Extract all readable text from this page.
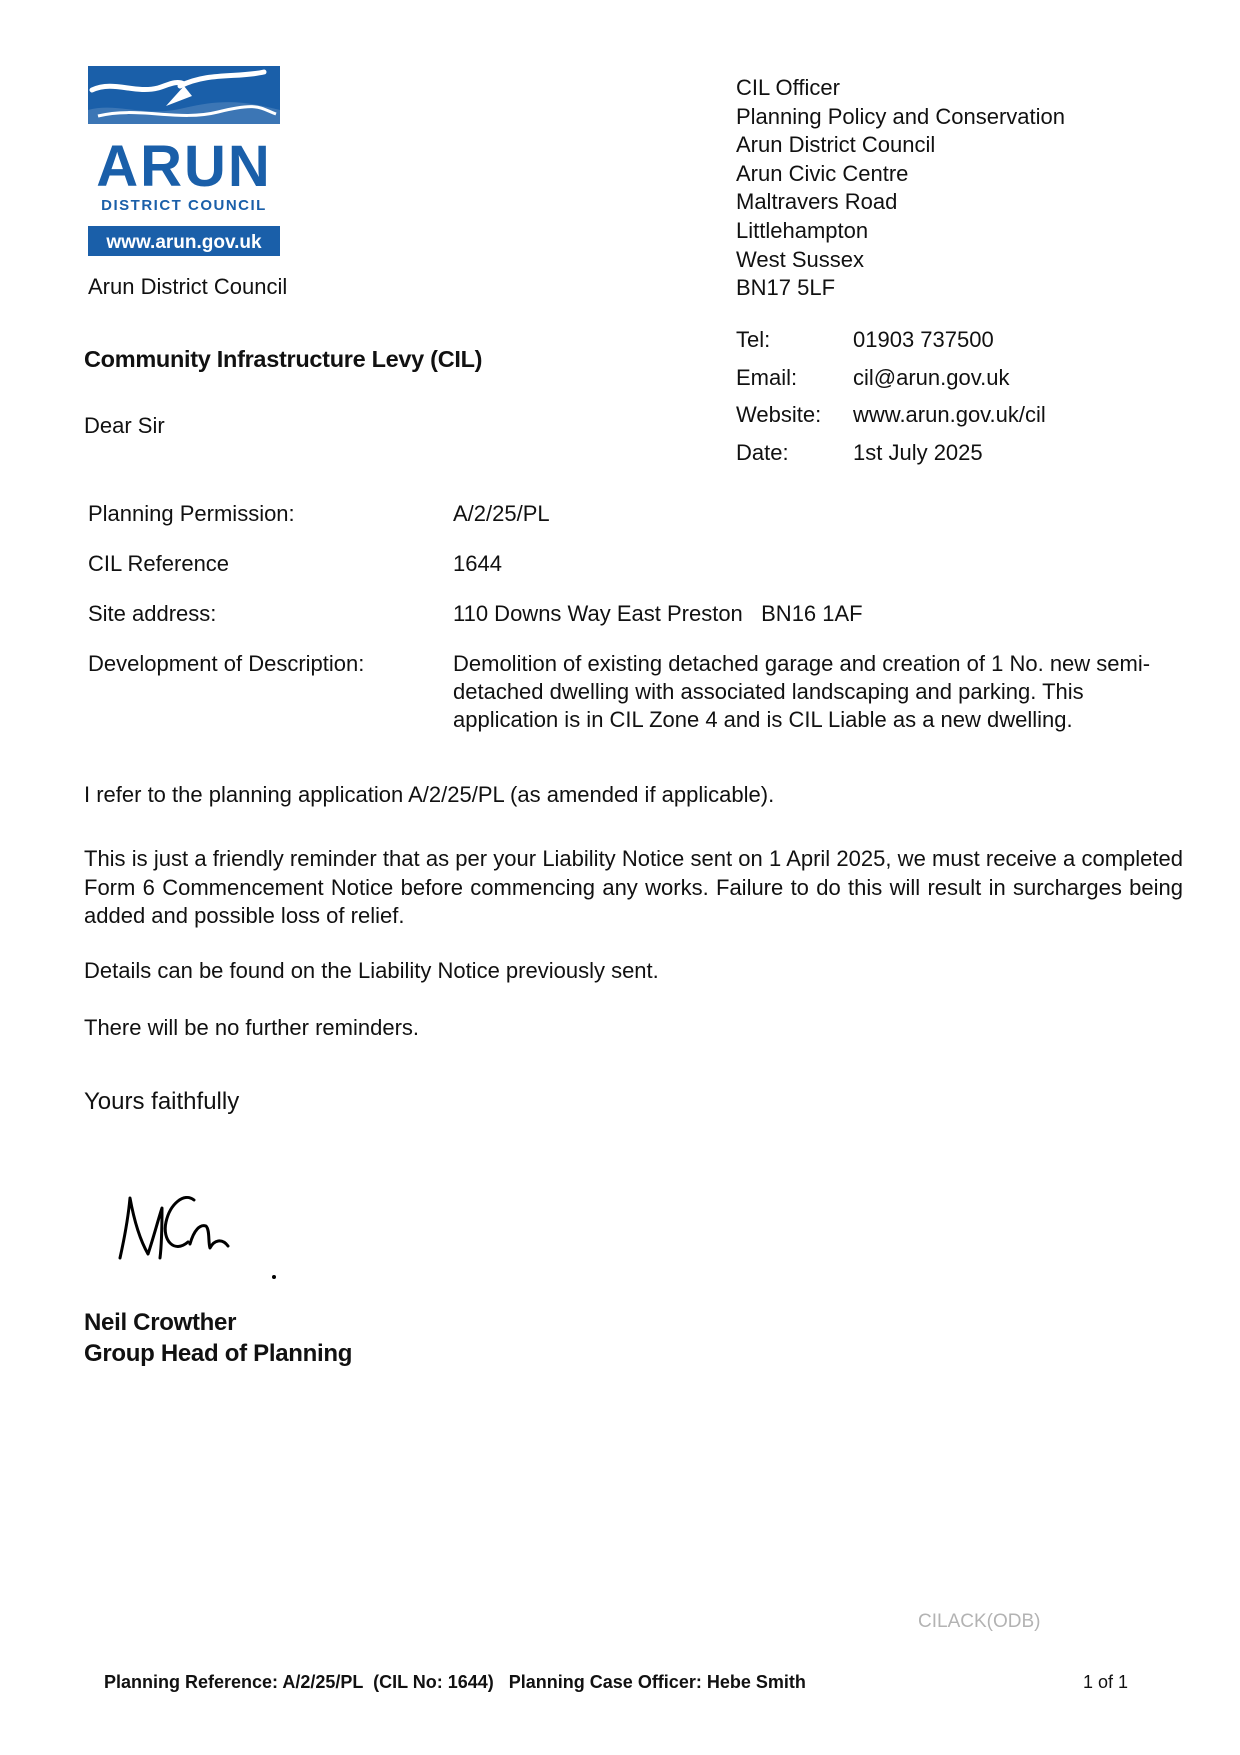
ARUN
DISTRICT COUNCIL
www.arun.gov.uk
Arun District Council
CIL Officer
Planning Policy and Conservation
Arun District Council
Arun Civic Centre
Maltravers Road
Littlehampton
West Sussex
BN17 5LF
Tel:	01903 737500
Email:	cil@arun.gov.uk
Website:	www.arun.gov.uk/cil
Date:	1st July 2025
Community Infrastructure Levy (CIL)
Dear Sir
Planning Permission:	A/2/25/PL
CIL Reference	1644
Site address:	110 Downs Way East Preston   BN16 1AF
Development of Description:	Demolition of existing detached garage and creation of 1 No. new semi-detached dwelling with associated landscaping and parking. This application is in CIL Zone 4 and is CIL Liable as a new dwelling.
I refer to the planning application A/2/25/PL (as amended if applicable).
This is just a friendly reminder that as per your Liability Notice sent on 1 April 2025, we must receive a completed Form 6 Commencement Notice before commencing any works. Failure to do this will result in surcharges being added and possible loss of relief.
Details can be found on the Liability Notice previously sent.
There will be no further reminders.
Yours faithfully
Neil Crowther
Group Head of Planning
CILACK(ODB)
Planning Reference: A/2/25/PL  (CIL No: 1644)   Planning Case Officer: Hebe Smith	1 of 1
